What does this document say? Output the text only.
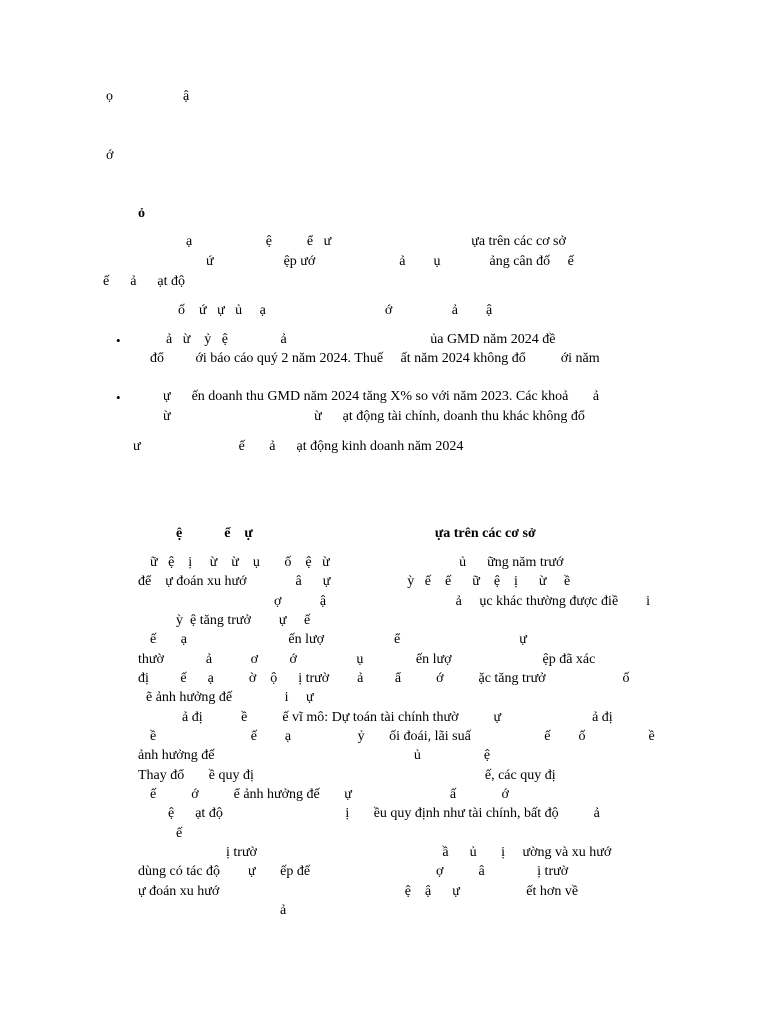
ọ                    ậ
ớ
ỏ
ạ                     ệ          ể   ư                                        ựa trên các cơ sở
ứ                    ệp ướ                        ả        ụ              ảng cân đố     ế
ế      ả      ạt độ
ố    ứ   ự   ủ     ạ                                  ớ                 ả        ậ
•	ả   ừ    ỷ   ệ               ả                                         ủa GMD năm 2024 đề
đổ         ới báo cáo quý 2 năm 2024. Thuế     ất năm 2024 không đổ          ới năm
•	ự      ến doanh thu GMD năm 2024 tăng X% so với năm 2023. Các khoả       ả
ừ                                         ừ      ạt động tài chính, doanh thu khác không đổ
ư                            ế       ả      ạt động kinh doanh năm 2024
ệ            ể    ự                                                    ựa trên các cơ sở
ữ   ệ    ị     ừ    ừ    ụ       ố    ệ   ừ                                     ủ      ững năm trướ
để    ự đoán xu hướ              â      ự                      ỳ   ế    ế      ữ    ệ    ị      ừ     ề
ợ           ậ                                     ả     ục khác thường được điề        i
ỳ  ệ tăng trưở        ự     ế
ế       ạ                             ến lượ                    ể                                  ự
thườ            ả           ơ         ớ                 ụ               ến lượ                          ệp đã xác
đị         ế      ạ          ờ    ộ      ị trườ        ả         ẩ          ớ          ặc tăng trưở                      ố
ẽ ảnh hưởng đế               i     ự
ả đị           ề          ế vĩ mô: Dự toán tài chính thườ          ự                          ả đị
ề                           ế        ạ                   ỷ       ối đoái, lãi suấ                     ế        ố                  ề
ảnh hưởng đế                                                         ủ                  ệ
Thay đổ       ề quy đị                                                                  ế, các quy đị
ế          ớ          ể ảnh hưởng đế       ự                            ấ             ớ
ệ      ạt độ                                   ị       ều quy định như tài chính, bất độ          ả
ế
ị trườ                                                     ầ      ủ       ị     ường và xu hướ
dùng có tác độ        ự       ếp đế                                    ợ          â               ị trườ
ự đoán xu hướ                                                     ệ    ậ      ự                   ết hơn về
ả
